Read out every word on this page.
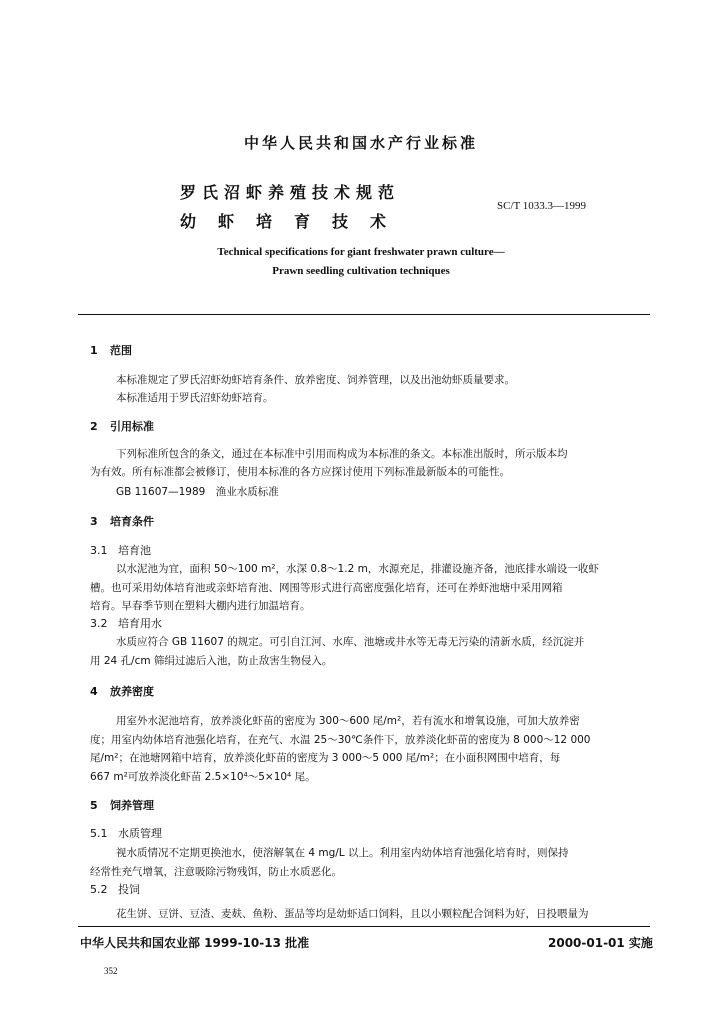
中华人民共和国水产行业标准
罗氏沼虾养殖技术规范
幼虾培育技术
SC/T 1033.3—1999
Technical specifications for giant freshwater prawn culture—
Prawn seedling cultivation techniques
1 范围
本标准规定了罗氏沼虾幼虾培育条件、放养密度、饲养管理，以及出池幼虾质量要求。
本标准适用于罗氏沼虾幼虾培育。
2 引用标准
下列标准所包含的条文，通过在本标准中引用而构成为本标准的条文。本标准出版时，所示版本均
为有效。所有标准都会被修订，使用本标准的各方应探讨使用下列标准最新版本的可能性。
GB 11607—1989　渔业水质标准
3 培育条件
3.1 培育池
以水泥池为宜，面积 50～100 m²，水深 0.8～1.2 m，水源充足，排灌设施齐备，池底排水端设一收虾
槽。也可采用幼体培育池或亲虾培育池、网围等形式进行高密度强化培育，还可在养虾池塘中采用网箱
培育。早春季节则在塑料大棚内进行加温培育。
3.2 培育用水
水质应符合 GB 11607 的规定。可引自江河、水库、池塘或井水等无毒无污染的清新水质，经沉淀并
用 24 孔/cm 筛绢过滤后入池，防止敌害生物侵入。
4 放养密度
用室外水泥池培育，放养淡化虾苗的密度为 300～600 尾/m²，若有流水和增氧设施，可加大放养密
度；用室内幼体培育池强化培育，在充气、水温 25～30℃条件下，放养淡化虾苗的密度为 8 000～12 000
尾/m²；在池塘网箱中培育，放养淡化虾苗的密度为 3 000～5 000 尾/m²；在小面积网围中培育，每
667 m²可放养淡化虾苗 2.5×10⁴～5×10⁴ 尾。
5 饲养管理
5.1 水质管理
视水质情况不定期更换池水，使溶解氧在 4 mg/L 以上。利用室内幼体培育池强化培育时，则保持
经常性充气增氧，注意吸除污物残饵，防止水质恶化。
5.2 投饲
花生饼、豆饼、豆渣、麦麸、鱼粉、蛋品等均是幼虾适口饲料，且以小颗粒配合饲料为好，日投喂量为
中华人民共和国农业部 1999-10-13 批准	2000-01-01 实施
352
